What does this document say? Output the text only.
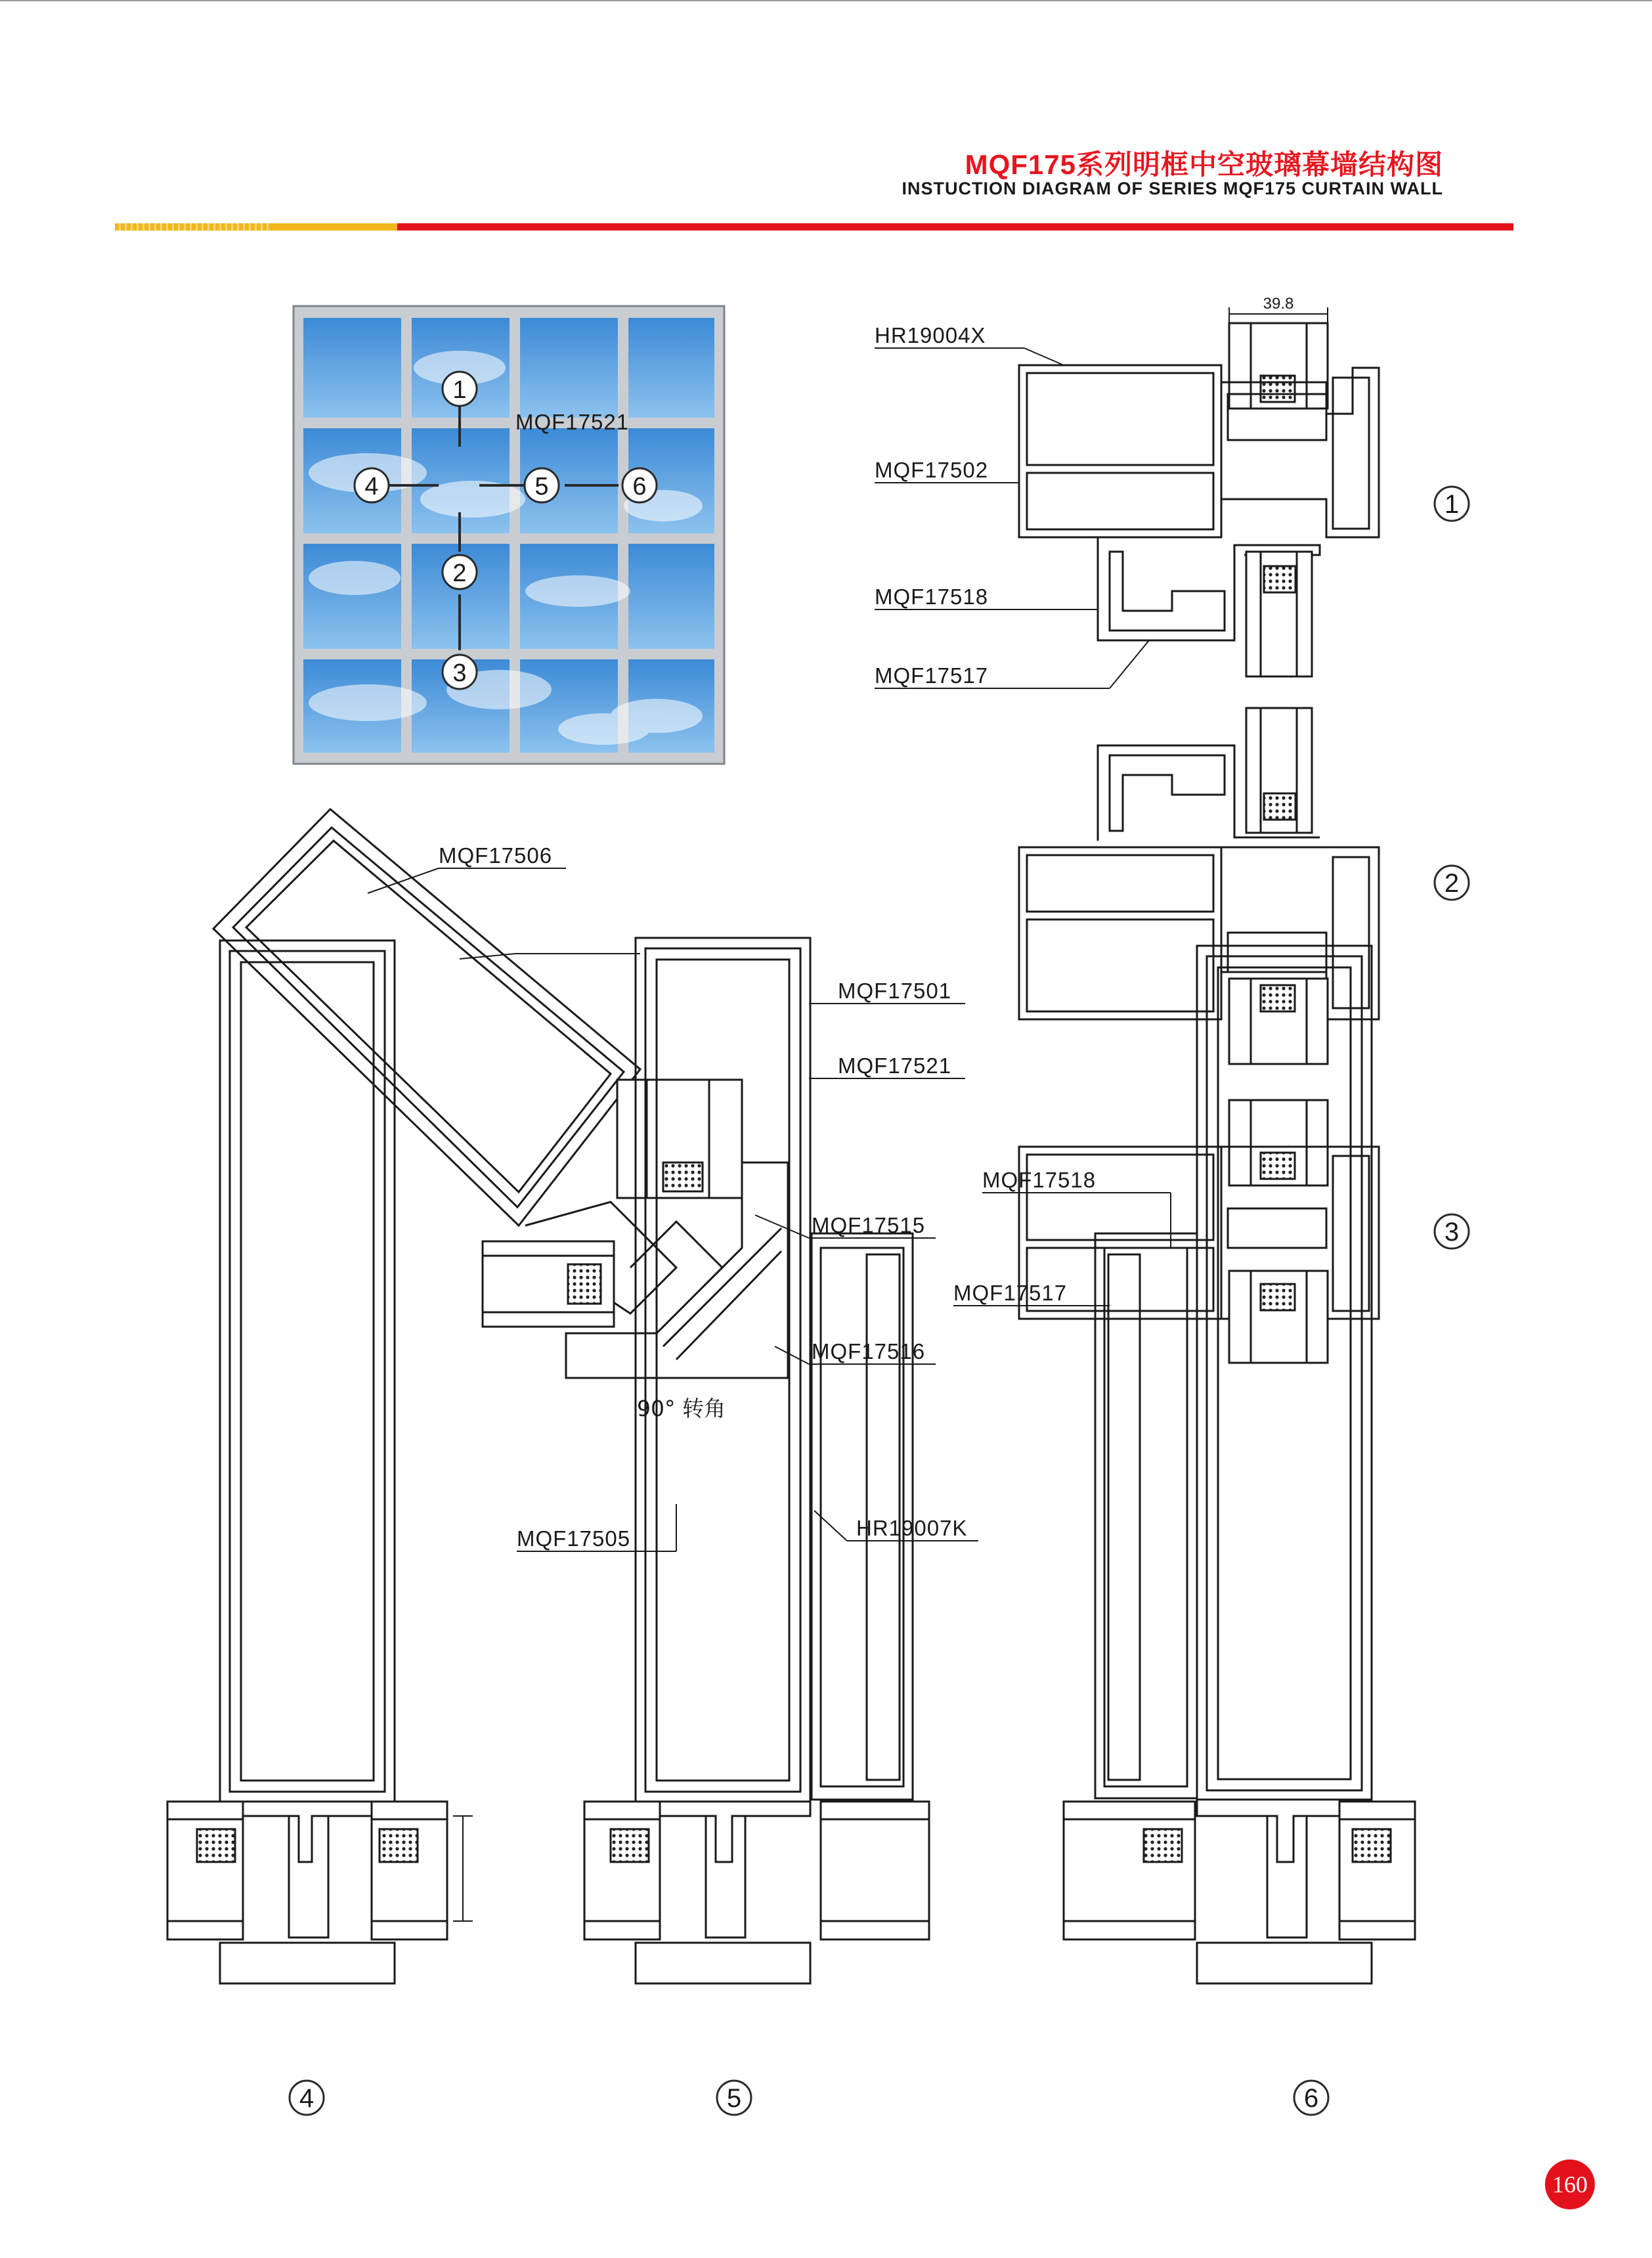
MQF175系列明框中空玻璃幕墙结构图
INSTUCTION DIAGRAM OF SERIES MQF175 CURTAIN WALL
1
4	5	6
2
3
39.8
HR19004X
MQF17502
MQF17518
MQF17517
1
2
3
MQF17506
MQF17521
MQF17515
MQF17516
90° 转角
4
MQF17501
MQF17521
MQF17505	HR19007K
5
MQF17518
MQF17517
6
160
